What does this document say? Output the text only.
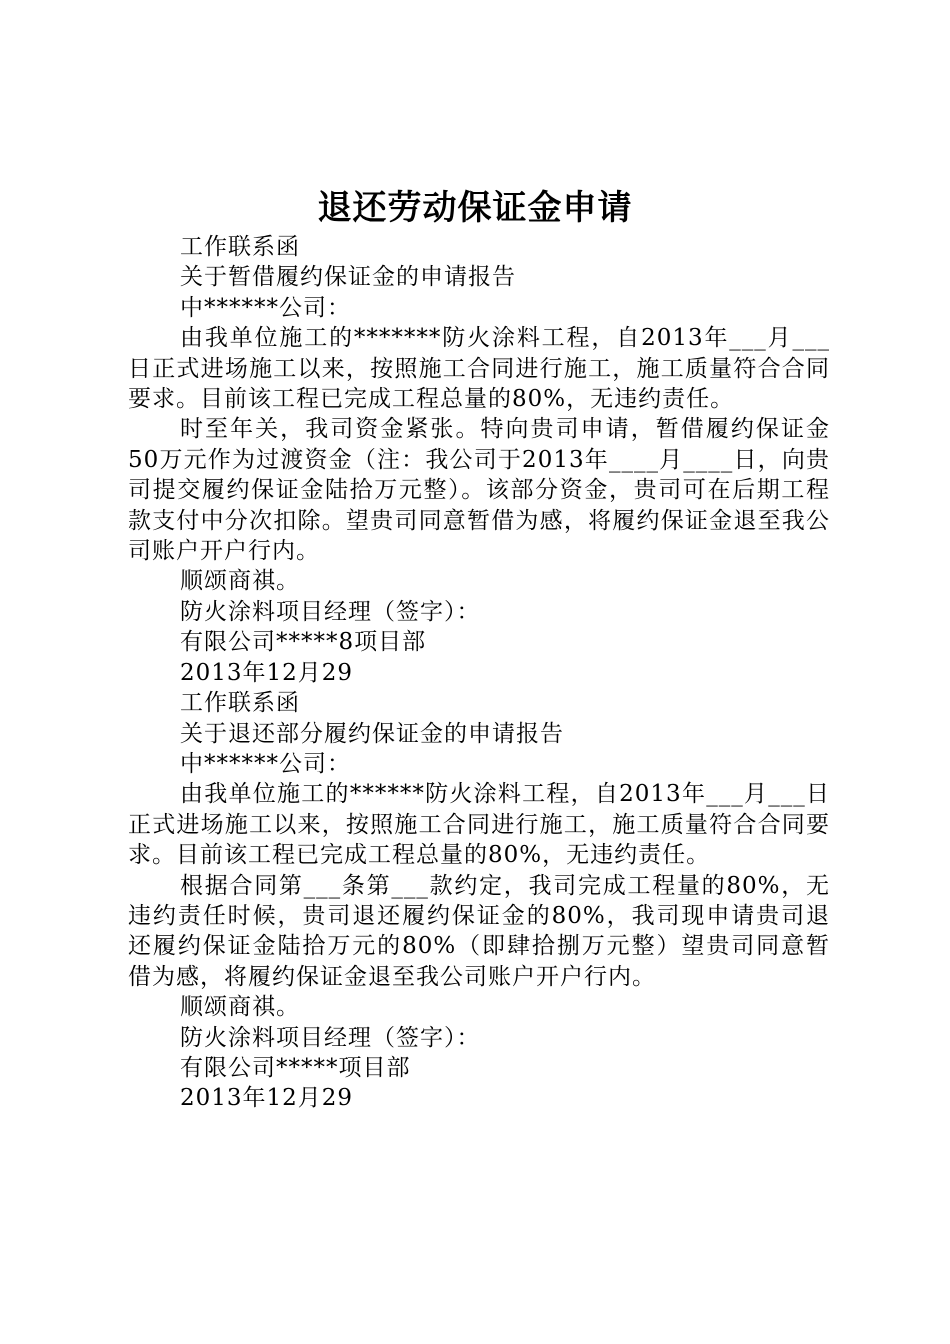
退还劳动保证金申请

工作联系函

关于暂借履约保证金的申请报告

中******公司：

由我单位施工的*******防火涂料工程，自2013年___月___日正式进场施工以来，按照施工合同进行施工，施工质量符合合同要求。目前该工程已完成工程总量的80%，无违约责任。

时至年关，我司资金紧张。特向贵司申请，暂借履约保证金50万元作为过渡资金（注：我公司于2013年____月____日，向贵司提交履约保证金陆拾万元整）。该部分资金，贵司可在后期工程款支付中分次扣除。望贵司同意暂借为感，将履约保证金退至我公司账户开户行内。

顺颂商祺。

防火涂料项目经理（签字）：

有限公司*****8项目部

2013年12月29

工作联系函

关于退还部分履约保证金的申请报告

中******公司：

由我单位施工的******防火涂料工程，自2013年___月___日正式进场施工以来，按照施工合同进行施工，施工质量符合合同要求。目前该工程已完成工程总量的80%，无违约责任。

根据合同第___条第___款约定，我司完成工程量的80%，无违约责任时候，贵司退还履约保证金的80%，我司现申请贵司退还履约保证金陆拾万元的80%（即肆拾捌万元整）望贵司同意暂借为感，将履约保证金退至我公司账户开户行内。

顺颂商祺。

防火涂料项目经理（签字）：

有限公司*****项目部

2013年12月29
